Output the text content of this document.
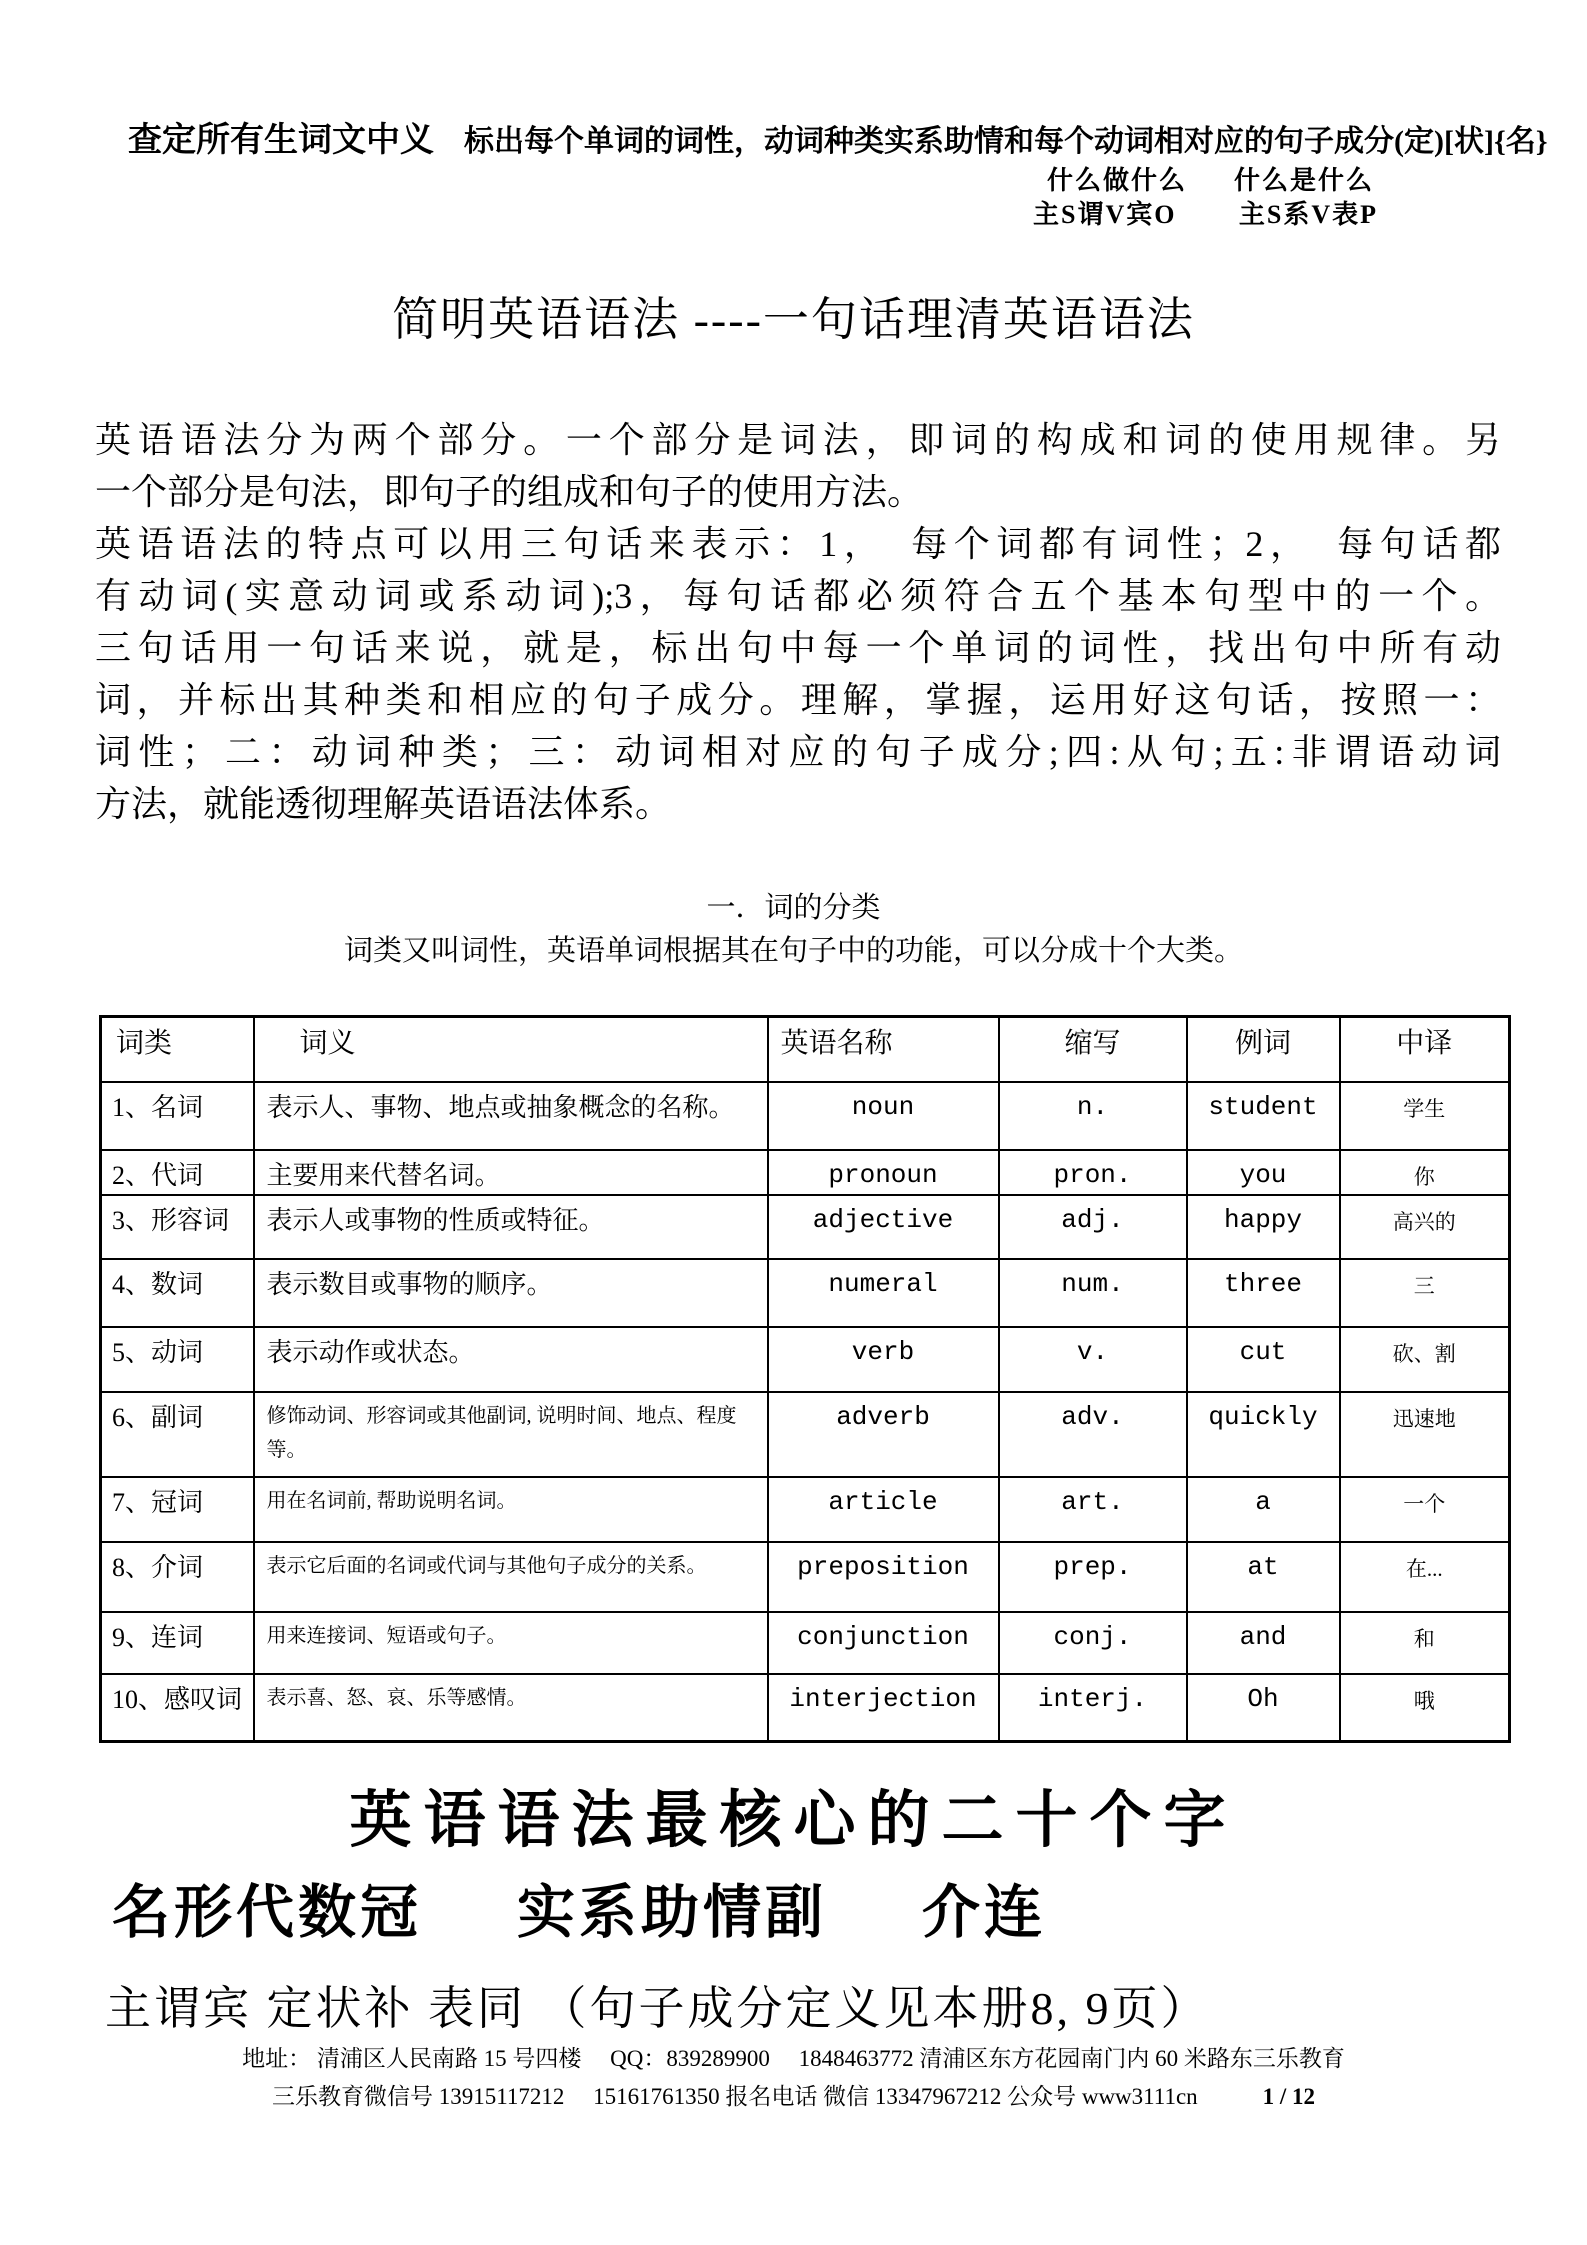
查定所有生词文中义 标出每个单词的词性，动词种类实系助情和每个动词相对应的句子成分(定)[状]{名}
什么做什么 什么是什么
主S谓V宾O 主S系V表P
简明英语语法 ----一句话理清英语语法
英语语法分为两个部分。一个部分是词法，即词的构成和词的使用规律。另
一个部分是句法，即句子的组成和句子的使用方法。
英语语法的特点可以用三句话来表示：1，　每个词都有词性；2，　每句话都
有动词(实意动词或系动词);3，每句话都必须符合五个基本句型中的一个。
三句话用一句话来说，就是，标出句中每一个单词的词性，找出句中所有动
词，并标出其种类和相应的句子成分。理解，掌握，运用好这句话，按照一：
词性；二：动词种类；三：动词相对应的句子成分;四:从句;五:非谓语动词
方法，就能透彻理解英语语法体系。
一．词的分类
词类又叫词性，英语单词根据其在句子中的功能，可以分成十个大类。
词类	词义	英语名称	缩写	例词	中译
1、名词	表示人、事物、地点或抽象概念的名称。	noun	n.	student	学生
2、代词	主要用来代替名词。	pronoun	pron.	you	你
3、形容词	表示人或事物的性质或特征。	adjective	adj.	happy	高兴的
4、数词	表示数目或事物的顺序。	numeral	num.	three	三
5、动词	表示动作或状态。	verb	v.	cut	砍、割
6、副词	修饰动词、形容词或其他副词, 说明时间、地点、程度等。	adverb	adv.	quickly	迅速地
7、冠词	用在名词前, 帮助说明名词。	article	art.	a	一个
8、介词	表示它后面的名词或代词与其他句子成分的关系。	preposition	prep.	at	在...
9、连词	用来连接词、短语或句子。	conjunction	conj.	and	和
10、感叹词	表示喜、怒、哀、乐等感情。	interjection	interj.	Oh	哦
英语语法最核心的二十个字
名形代数冠 实系助情副 介连
主谓宾 定状补 表同 （句子成分定义见本册8, 9页）
地址： 清浦区人民南路 15 号四楼　 QQ：839289900　 1848463772 清浦区东方花园南门内 60 米路东三乐教育
三乐教育微信号 13915117212　 15161761350 报名电话 微信 13347967212 公众号 www3111cn	1 / 12
